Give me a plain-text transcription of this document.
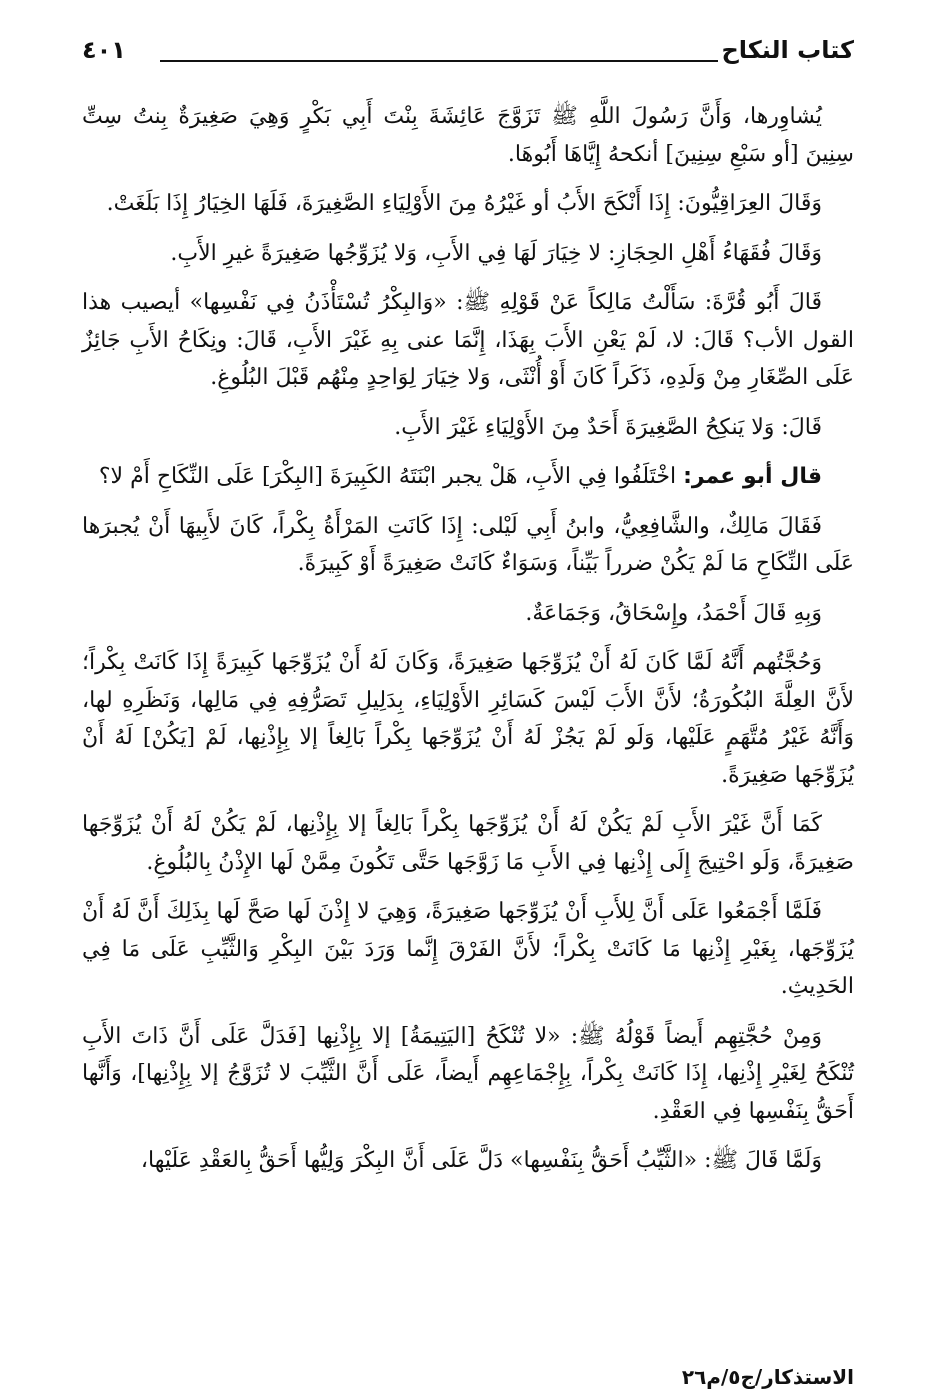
كتاب النكاح
٤٠١

يُشاوِرها، وَأَنَّ رَسُولَ اللَّهِ ﷺ تَزَوَّجَ عَائِشَةَ بِنْتَ أَبِي بَكْرٍ وَهِيَ صَغِيرَةٌ بِنتُ سِتِّ سِنِينَ [أو سَبْعِ سِنِينَ] أنكحهُ إِيَّاهَا أَبُوهَا.

وَقَالَ العِرَاقِيُّونَ: إِذَا أَنْكَحَ الأَبُ أو غَيْرُهُ مِنَ الأَوْلِيَاءِ الصَّغِيرَةَ، فَلَهَا الخِيَارُ إِذَا بَلَغَتْ.

وَقَالَ فُقَهَاءُ أَهْلِ الحِجَازِ: لا خِيَارَ لَهَا فِي الأَبِ، وَلا يُزَوِّجُها صَغِيرَةً غيرِ الأَبِ.

قَالَ أَبُو قُرَّةَ: سَأَلْتُ مَالِكاً عَنْ قَوْلِهِ ﷺ: «وَالبِكْرُ تُسْتَأْذَنُ فِي نَفْسِها» أيصيب هذا القول الأب؟ قَالَ: لا، لَمْ يَعْنِ الأَبَ بِهَذَا، إِنَّمَا عنى بِهِ غَيْرَ الأَبِ، قَالَ: ونِكَاحُ الأَبِ جَائِزٌ عَلَى الصِّغَارِ مِنْ وَلَدِهِ، ذَكَراً كَانَ أَوْ أُنْثَى، وَلا خِيَارَ لِوَاحِدٍ مِنْهُم قَبْلَ البُلُوغِ.

قَالَ: وَلا يَنكِحُ الصَّغِيرَةَ أَحَدٌ مِنَ الأَوْلِيَاءِ غَيْرَ الأَبِ.

قال أبو عمر: اخْتَلَفُوا فِي الأَبِ، هَلْ يجبر ابْنَتَهُ الكَبِيرَةَ [البِكْرَ] عَلَى النِّكَاحِ أَمْ لا؟

فَقَالَ مَالِكٌ، والشَّافِعِيُّ، وابنُ أَبِي لَيْلى: إِذَا كَانَتِ المَرْأَةُ بِكْراً، كَانَ لأَبِيهَا أَنْ يُجبرَها عَلَى النِّكَاحِ مَا لَمْ يَكُنْ ضرراً بَيِّناً، وَسَوَاءٌ كَانَتْ صَغِيرَةً أَوْ كَبِيرَةً.

وَبِهِ قَالَ أَحْمَدُ، وإِسْحَاقُ، وَجَمَاعَةٌ.

وَحُجَّتُهم أَنَّهُ لَمَّا كَانَ لَهُ أَنْ يُزَوِّجَها صَغِيرَةً، وَكَانَ لَهُ أَنْ يُزَوِّجَها كَبِيرَةً إِذَا كَانَتْ بِكْراً؛ لأَنَّ العِلَّةَ البُكُورَةُ؛ لأَنَّ الأَبَ لَيْسَ كَسَائِرِ الأَوْلِيَاءِ، بِدَلِيلِ تَصَرُّفِهِ فِي مَالِها، وَنَظَرِهِ لها، وَأَنَّهُ غَيْرُ مُتَّهَمٍ عَلَيْها، وَلَو لَمْ يَجُزْ لَهُ أَنْ يُزَوِّجَها بِكْراً بَالِغاً إلا بِإِذْنِها، لَمْ [يَكُنْ] لَهُ أَنْ يُزَوِّجَها صَغِيرَةً.

كَمَا أَنَّ غَيْرَ الأَبِ لَمْ يَكُنْ لَهُ أَنْ يُزَوِّجَها بِكْراً بَالِغاً إلا بِإِذْنِها، لَمْ يَكُنْ لَهُ أَنْ يُزَوِّجَها صَغِيرَةً، وَلَو احْتِيجَ إِلَى إِذْنِها فِي الأَبِ مَا زَوَّجَها حَتَّى تَكُونَ مِمَّنْ لَها الإِذْنُ بِالبُلُوغِ.

فَلَمَّا أَجْمَعُوا عَلَى أَنَّ لِلأَبِ أَنْ يُزَوِّجَها صَغِيرَةً، وَهِيَ لا إِذْنَ لَها صَحَّ لَها بِذَلِكَ أَنَّ لَهُ أَنْ يُزَوِّجَها، بِغَيْرِ إِذْنِها مَا كَانَتْ بِكْراً؛ لأَنَّ الفَرْقَ إِنَّما وَرَدَ بَيْنَ البِكْرِ وَالثَّيِّبِ عَلَى مَا فِي الحَدِيثِ.

وَمِنْ حُجَّتِهِم أَيضاً قَوْلُهُ ﷺ: «لا تُنْكَحُ [اليَتِيمَةُ] إلا بِإِذْنِها [فَدَلَّ عَلَى أَنَّ ذَاتَ الأَبِ تُنْكَحُ لِغَيْرِ إِذْنِها، إِذَا كَانَتْ بِكْراً، بِإِجْمَاعِهِم أَيضاً، عَلَى أَنَّ الثَّيِّبَ لا تُزَوَّجُ إلا بِإِذْنِها]، وَأَنَّها أَحَقُّ بِنَفْسِها فِي العَقْدِ.

وَلَمَّا قَالَ ﷺ: «الثَّيِّبُ أَحَقُّ بِنَفْسِها» دَلَّ عَلَى أَنَّ البِكْرَ وَلِيُّها أَحَقُّ بِالعَقْدِ عَلَيْها،

الاستذكار/ج٥/م٢٦
